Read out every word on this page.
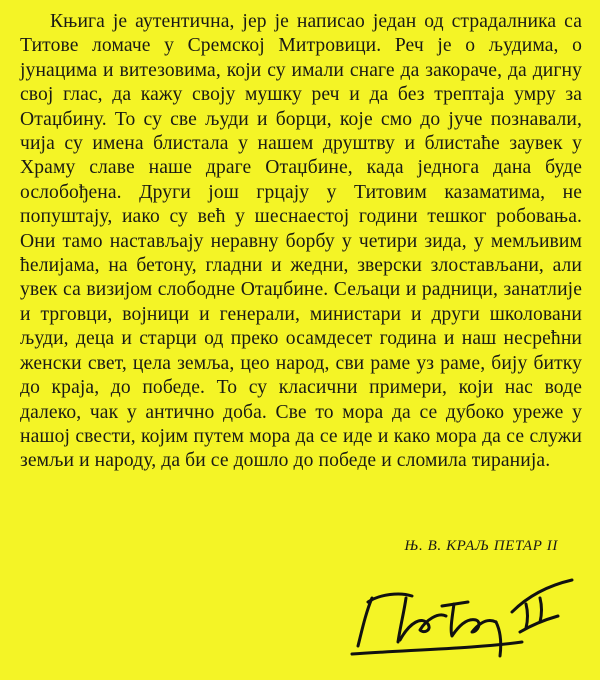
Књига је аутентична, јер је написао један од страдалника са Титове ломаче у Сремској Митровици. Реч је о људима, о јунацима и витезовима, који су имали снаге да закораче, да дигну свој глас, да кажу своју мушку реч и да без трептаја умру за Отаџбину. То су све људи и борци, које смо до јуче познавали, чија су имена блистала у нашем друштву и блистаће заувек у Храму славе наше драге Отаџбине, када једнога дана буде ослобођена. Други још грцају у Титовим казаматима, не попуштају, иако су већ у шеснаестој години тешког робовања. Они тамо настављају неравну борбу у четири зида, у мемљивим ћелијама, на бетону, гладни и жедни, зверски злостављани, али увек са визијом слободне Отаџбине. Сељаци и радници, занатлије и трговци, војници и генерали, министари и други школовани људи, деца и старци од преко осамдесет година и наш несрећни женски свет, цела земља, цео народ, сви раме уз раме, бију битку до краја, до победе. То су класични примери, који нас воде далеко, чак у антично доба. Све то мора да се дубоко уреже у нашој свести, којим путем мора да се иде и како мора да се служи земљи и народу, да би се дошло до победе и сломила тиранија.

Њ. В. КРАЉ ПЕТАР II
